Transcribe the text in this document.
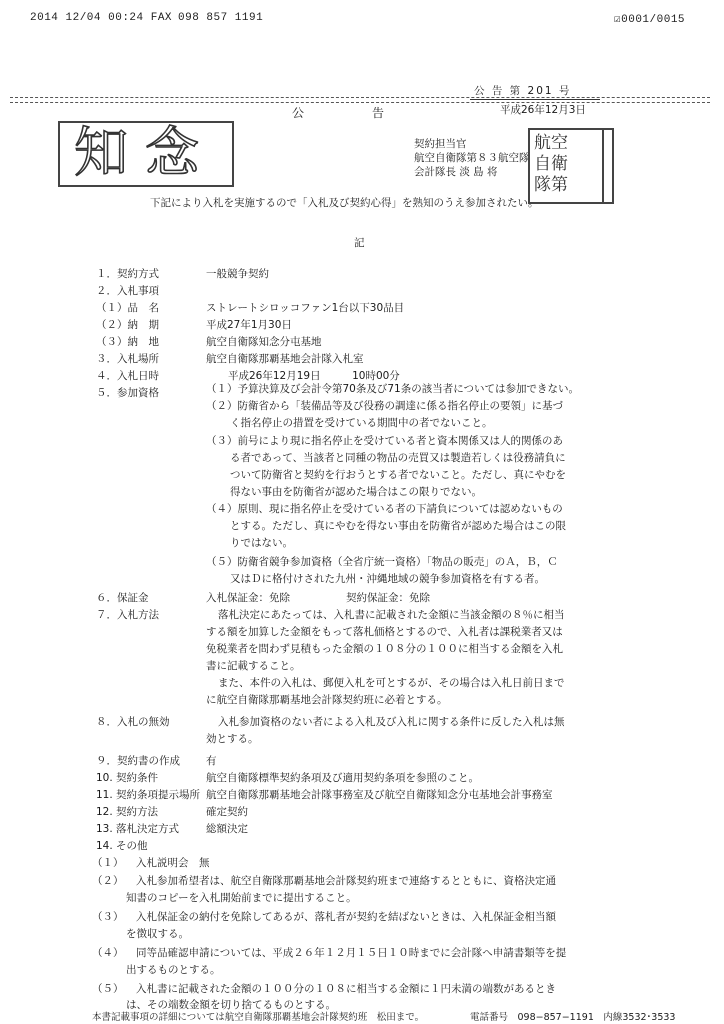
2014 12/04 00:24 FAX 098 857 1191	☑0001/0015
公 告 第 201 号
公	告	平成26年12月3日
知 念	契約担当官
航空自衛隊第８３航空隊
会計隊長 淡 島 将
航空
自衛
隊第
下記により入札を実施するので「入札及び契約心得」を熟知のうえ参加されたい。
記
１．契約方式	一般競争契約
２．入札事項
（１）品　名	ストレートシロッコファン1台以下30品目
（２）納　期	平成27年1月30日
（３）納　地	航空自衛隊知念分屯基地
３．入札場所	航空自衛隊那覇基地会計隊入札室
４．入札日時	平成26年12月19日　　　10時00分
５．参加資格	（１）予算決算及び会計令第70条及び71条の該当者については参加できない。
（２）防衛省から「装備品等及び役務の調達に係る指名停止の要領」に基づ
く指名停止の措置を受けている期間中の者でないこと。
（３）前号により現に指名停止を受けている者と資本関係又は人的関係のあ
る者であって、当該者と同種の物品の売買又は製造若しくは役務請負に
ついて防衛省と契約を行おうとする者でないこと。ただし、真にやむを
得ない事由を防衛省が認めた場合はこの限りでない。
（４）原則、現に指名停止を受けている者の下請負については認めないもの
とする。ただし、真にやむを得ない事由を防衛省が認めた場合はこの限
りではない。
（５）防衛省競争参加資格（全省庁統一資格）「物品の販売」のＡ，Ｂ，Ｃ
又はＤに格付けされた九州・沖縄地域の競争参加資格を有する者。
６．保証金	入札保証金：免除	契約保証金：免除
７．入札方法	落札決定にあたっては、入札書に記載された金額に当該金額の８％に相当
する額を加算した金額をもって落札価格とするので、入札者は課税業者又は
免税業者を問わず見積もった金額の１０８分の１００に相当する金額を入札
書に記載すること。
また、本件の入札は、郵便入札を可とするが、その場合は入札日前日まで
に航空自衛隊那覇基地会計隊契約班に必着とする。
８．入札の無効	入札参加資格のない者による入札及び入札に関する条件に反した入札は無
効とする。
９．契約書の作成 有
10. 契約条件	航空自衛隊標準契約条項及び適用契約条項を参照のこと。
11. 契約条項提示場所 航空自衛隊那覇基地会計隊事務室及び航空自衛隊知念分屯基地会計事務室
12. 契約方法	確定契約
13. 落札決定方式	総額決定
14. その他
（１） 入札説明会　無
（２） 入札参加希望者は、航空自衛隊那覇基地会計隊契約班まで連絡するとともに、資格決定通
知書のコピーを入札開始前までに提出すること。
（３） 入札保証金の納付を免除してあるが、落札者が契約を結ばないときは、入札保証金相当額
を徴収する。
（４） 同等品確認申請については、平成２６年１２月１５日１０時までに会計隊へ申請書類等を提
出するものとする。
（５） 入札書に記載された金額の１００分の１０８に相当する金額に１円未満の端数があるとき
は、その端数金額を切り捨てるものとする。
本書記載事項の詳細については航空自衛隊那覇基地会計隊契約班　松田まで。	電話番号　098−857−1191　内線3532･3533
